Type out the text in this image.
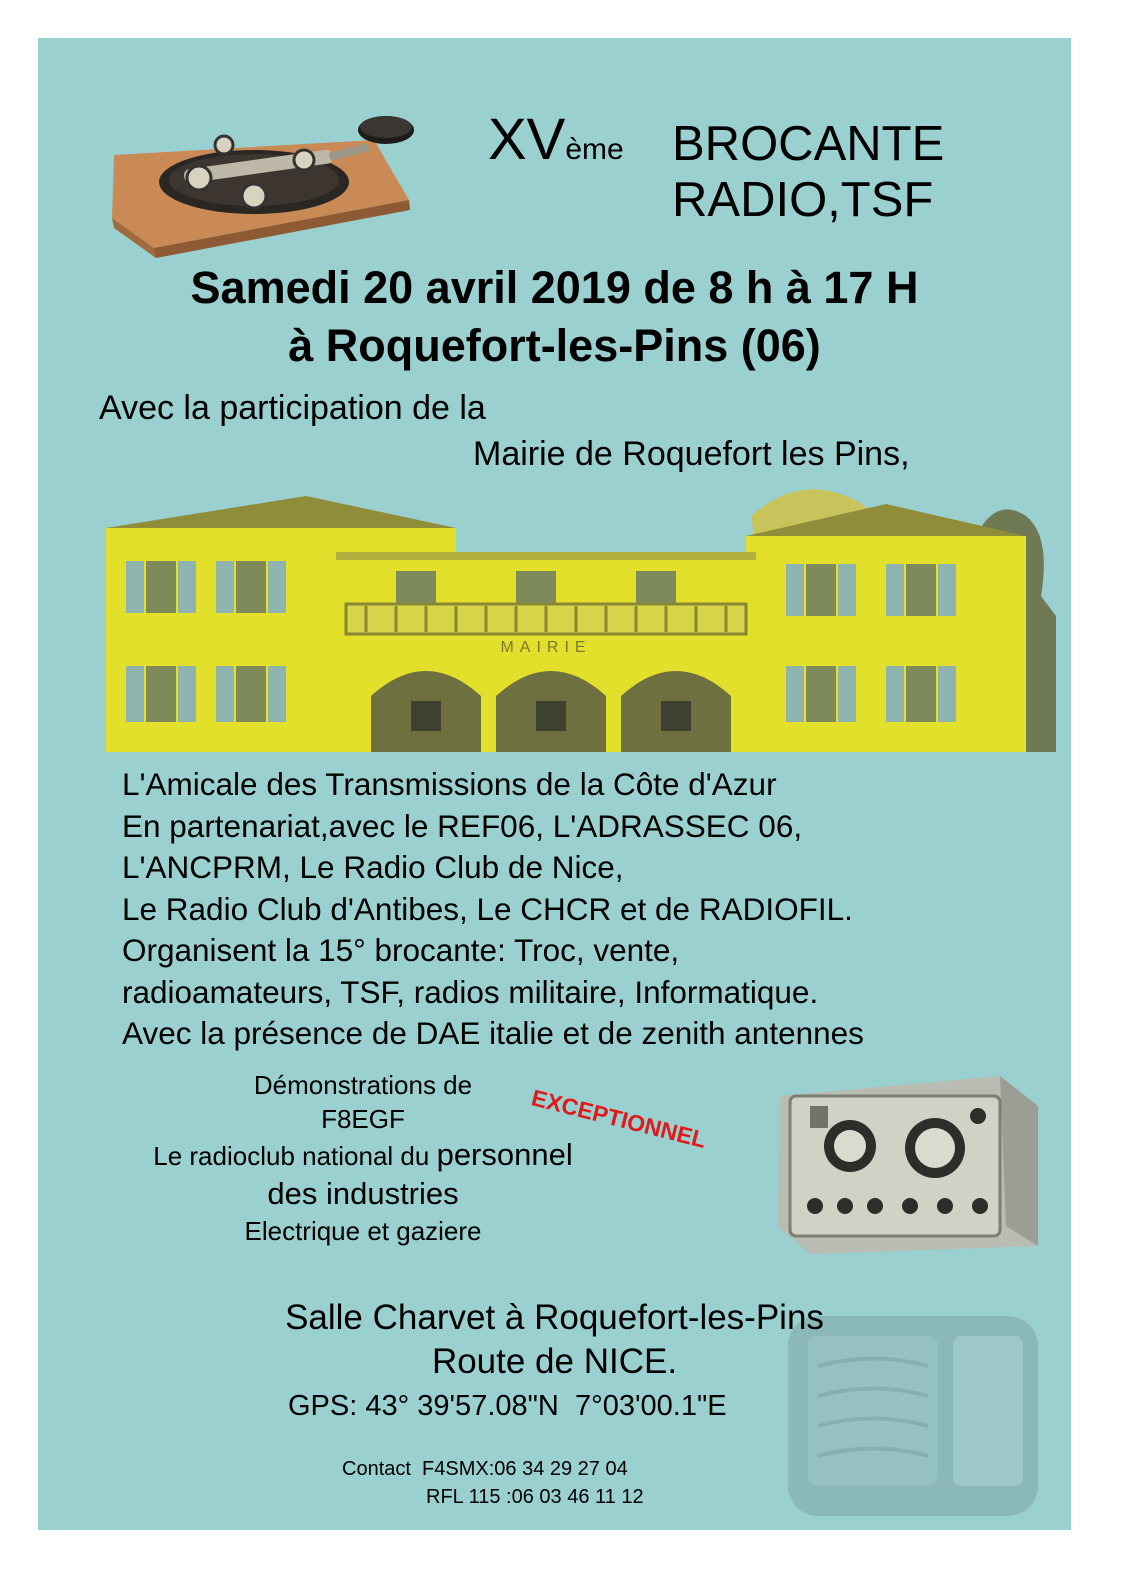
XVème BROCANTE
RADIO,TSF
Samedi 20 avril 2019 de 8 h à 17 H
à Roquefort-les-Pins (06)
Avec la participation de la
Mairie de Roquefort les Pins,
MAIRIE
L'Amicale des Transmissions de la Côte d'Azur
En partenariat,avec le REF06, L'ADRASSEC 06,
L'ANCPRM, Le Radio Club de Nice,
Le Radio Club d'Antibes, Le CHCR et de RADIOFIL.
Organisent la 15° brocante: Troc, vente,
radioamateurs, TSF, radios militaire, Informatique.
Avec la présence de DAE italie et de zenith antennes
Démonstrations de
F8EGF
Le radioclub national du personnel
des industries
Electrique et gaziere
EXCEPTIONNEL
Salle Charvet à Roquefort-les-Pins
Route de NICE.
GPS: 43° 39'57.08"N  7°03'00.1"E
Contact  F4SMX:06 34 29 27 04
RFL 115 :06 03 46 11 12
